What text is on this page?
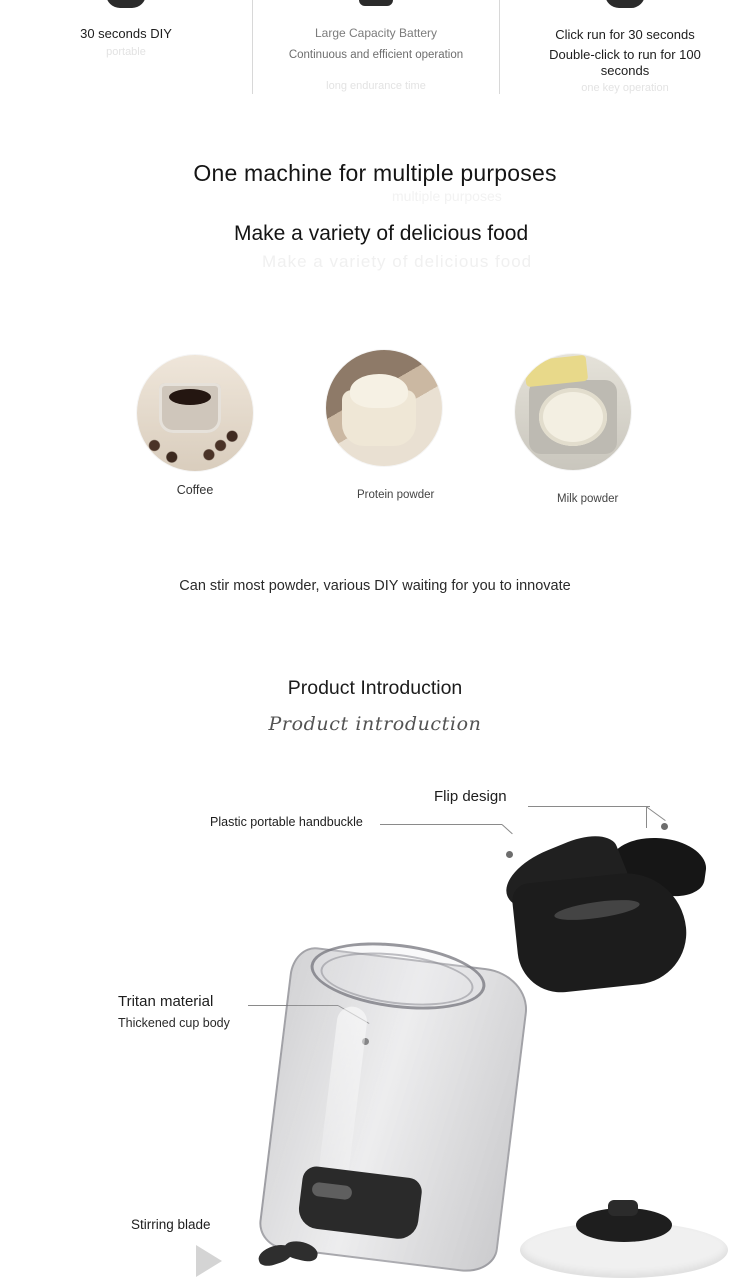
30 seconds DIY
portable
Large Capacity Battery
Continuous and efficient operation
long endurance time
Click run for 30 seconds
Double-click to run for 100 seconds
one key operation
One machine for multiple purposes
multiple purposes
Make a variety of delicious food
Make a variety of delicious food
Coffee	Protein powder	Milk powder
Can stir most powder, various DIY waiting for you to innovate
Product Introduction
Product introduction
Flip design
Plastic portable handbuckle
Tritan material
Thickened cup body
Stirring blade
